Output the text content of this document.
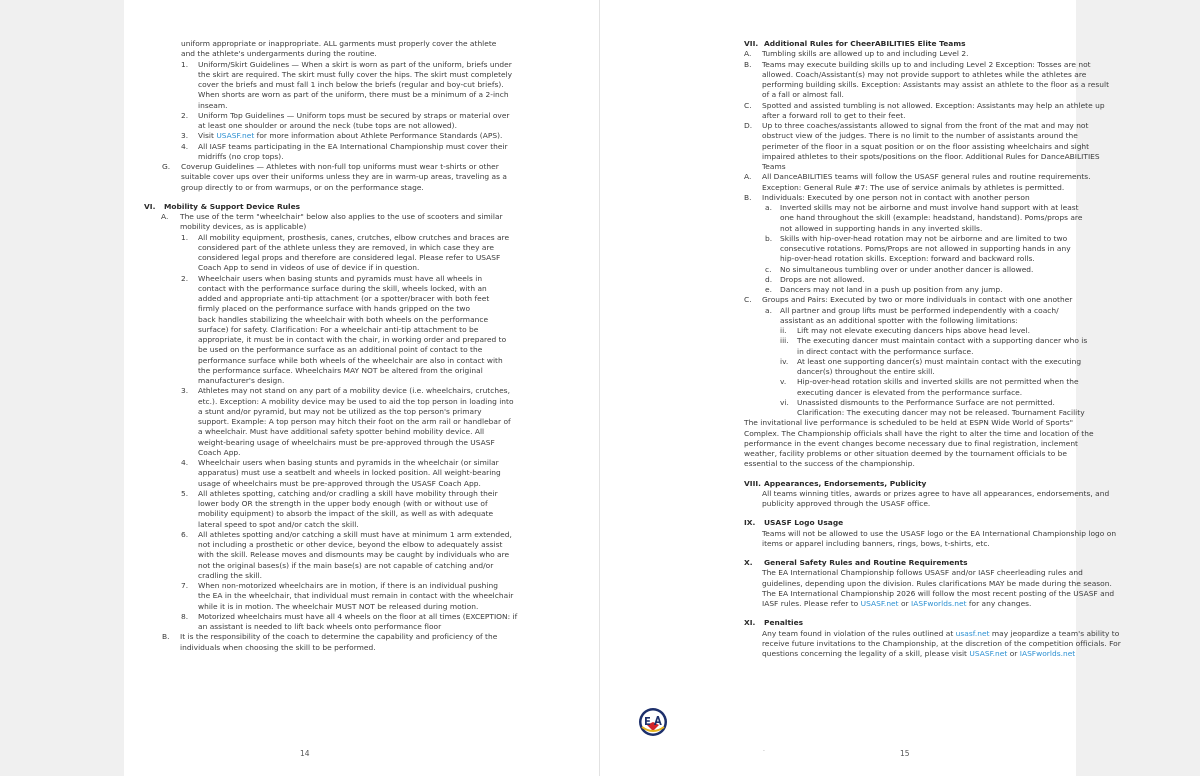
uniform appropriate or inappropriate. ALL garments must properly cover the athlete
and the athlete's undergarments during the routine.
1. Uniform/Skirt Guidelines — When a skirt is worn as part of the uniform, briefs under
the skirt are required. The skirt must fully cover the hips. The skirt must completely
cover the briefs and must fall 1 inch below the briefs (regular and boy-cut briefs).
When shorts are worn as part of the uniform, there must be a minimum of a 2-inch
inseam.
2. Uniform Top Guidelines — Uniform tops must be secured by straps or material over
at least one shoulder or around the neck (tube tops are not allowed).
3. Visit USASF.net for more information about Athlete Performance Standards (APS).
4. All IASF teams participating in the EA International Championship must cover their
midriffs (no crop tops).
G. Coverup Guidelines — Athletes with non-full top uniforms must wear t-shirts or other
suitable cover ups over their uniforms unless they are in warm-up areas, traveling as a
group directly to or from warmups, or on the performance stage.
VI. Mobility & Support Device Rules
A. The use of the term "wheelchair" below also applies to the use of scooters and similar
mobility devices, as is applicable)
1. All mobility equipment, prosthesis, canes, crutches, elbow crutches and braces are
considered part of the athlete unless they are removed, in which case they are
considered legal props and therefore are considered legal. Please refer to USASF
Coach App to send in videos of use of device if in question.
2. Wheelchair users when basing stunts and pyramids must have all wheels in
contact with the performance surface during the skill, wheels locked, with an
added and appropriate anti-tip attachment (or a spotter/bracer with both feet
firmly placed on the performance surface with hands gripped on the two
back handles stabilizing the wheelchair with both wheels on the performance
surface) for safety. Clarification: For a wheelchair anti-tip attachment to be
appropriate, it must be in contact with the chair, in working order and prepared to
be used on the performance surface as an additional point of contact to the
performance surface while both wheels of the wheelchair are also in contact with
the performance surface. Wheelchairs MAY NOT be altered from the original
manufacturer's design.
3. Athletes may not stand on any part of a mobility device (i.e. wheelchairs, crutches,
etc.). Exception: A mobility device may be used to aid the top person in loading into
a stunt and/or pyramid, but may not be utilized as the top person's primary
support. Example: A top person may hitch their foot on the arm rail or handlebar of
a wheelchair. Must have additional safety spotter behind mobility device. All
weight-bearing usage of wheelchairs must be pre-approved through the USASF
Coach App.
4. Wheelchair users when basing stunts and pyramids in the wheelchair (or similar
apparatus) must use a seatbelt and wheels in locked position. All weight-bearing
usage of wheelchairs must be pre-approved through the USASF Coach App.
5. All athletes spotting, catching and/or cradling a skill have mobility through their
lower body OR the strength in the upper body enough (with or without use of
mobility equipment) to absorb the impact of the skill, as well as with adequate
lateral speed to spot and/or catch the skill.
6. All athletes spotting and/or catching a skill must have at minimum 1 arm extended,
not including a prosthetic or other device, beyond the elbow to adequately assist
with the skill. Release moves and dismounts may be caught by individuals who are
not the original bases(s) if the main base(s) are not capable of catching and/or
cradling the skill.
7. When non-motorized wheelchairs are in motion, if there is an individual pushing
the EA in the wheelchair, that individual must remain in contact with the wheelchair
while it is in motion. The wheelchair MUST NOT be released during motion.
8. Motorized wheelchairs must have all 4 wheels on the floor at all times (EXCEPTION: if
an assistant is needed to lift back wheels onto performance floor
B. It is the responsibility of the coach to determine the capability and proficiency of the
individuals when choosing the skill to be performed.
14	.	15
VII. Additional Rules for CheerABILITIES Elite Teams
A. Tumbling skills are allowed up to and including Level 2.
B. Teams may execute building skills up to and including Level 2 Exception: Tosses are not
allowed. Coach/Assistant(s) may not provide support to athletes while the athletes are
performing building skills. Exception: Assistants may assist an athlete to the floor as a result
of a fall or almost fall.
C. Spotted and assisted tumbling is not allowed. Exception: Assistants may help an athlete up
after a forward roll to get to their feet.
D. Up to three coaches/assistants allowed to signal from the front of the mat and may not
obstruct view of the judges. There is no limit to the number of assistants around the
perimeter of the floor in a squat position or on the floor assisting wheelchairs and sight
impaired athletes to their spots/positions on the floor. Additional Rules for DanceABILITIES
Teams
A. All DanceABILITIES teams will follow the USASF general rules and routine requirements.
Exception: General Rule #7: The use of service animals by athletes is permitted.
B. Individuals: Executed by one person not in contact with another person
a. Inverted skills may not be airborne and must involve hand support with at least
one hand throughout the skill (example: headstand, handstand). Poms/props are
not allowed in supporting hands in any inverted skills.
b. Skills with hip-over-head rotation may not be airborne and are limited to two
consecutive rotations. Poms/Props are not allowed in supporting hands in any
hip-over-head rotation skills. Exception: forward and backward rolls.
c. No simultaneous tumbling over or under another dancer is allowed.
d. Drops are not allowed.
e. Dancers may not land in a push up position from any jump.
C. Groups and Pairs: Executed by two or more individuals in contact with one another
a. All partner and group lifts must be performed independently with a coach/
assistant as an additional spotter with the following limitations:
ii. Lift may not elevate executing dancers hips above head level.
iii. The executing dancer must maintain contact with a supporting dancer who is
in direct contact with the performance surface.
iv. At least one supporting dancer(s) must maintain contact with the executing
dancer(s) throughout the entire skill.
v. Hip-over-head rotation skills and inverted skills are not permitted when the
executing dancer is elevated from the performance surface.
vi. Unassisted dismounts to the Performance Surface are not permitted.
Clarification: The executing dancer may not be released. Tournament Facility
The invitational live performance is scheduled to be held at ESPN Wide World of Sports"
Complex. The Championship officials shall have the right to alter the time and location of the
performance in the event changes become necessary due to final registration, inclement
weather, facility problems or other situation deemed by the tournament officials to be
essential to the success of the championship.
VIII. Appearances, Endorsements, Publicity
All teams winning titles, awards or prizes agree to have all appearances, endorsements, and
publicity approved through the USASF office.
IX. USASF Logo Usage
Teams will not be allowed to use the USASF logo or the EA International Championship logo on
items or apparel including banners, rings, bows, t-shirts, etc.
X. General Safety Rules and Routine Requirements
The EA International Championship follows USASF and/or IASF cheerleading rules and
guidelines, depending upon the division. Rules clarifications MAY be made during the season.
The EA International Championship 2026 will follow the most recent posting of the USASF and
IASF rules. Please refer to USASF.net or IASFworlds.net for any changes.
XI. Penalties
Any team found in violation of the rules outlined at usasf.net may jeopardize a team's ability to
receive future invitations to the Championship, at the discretion of the competition officials. For
questions concerning the legality of a skill, please visit USASF.net or IASFworlds.net
